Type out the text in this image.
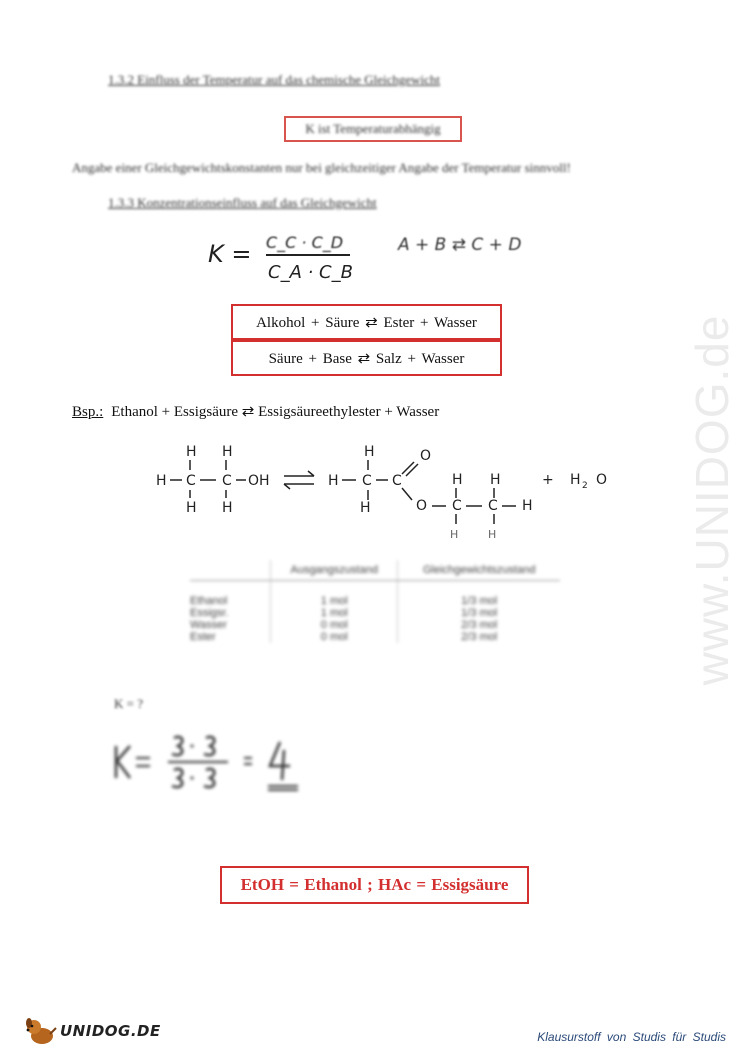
www.UNIDOG.de
1.3.2 Einfluss der Temperatur auf das chemische Gleichgewicht
K ist Temperaturabhängig
Angabe einer Gleichgewichtskonstanten nur bei gleichzeitiger Angabe der Temperatur sinnvoll!
1.3.3 Konzentrationseinfluss auf das Gleichgewicht
K = C_C · C_D
C_A · C_B
A + B ⇄ C + D
Alkohol + Säure ⇄ Ester + Wasser
Säure + Base ⇄ Salz + Wasser
Bsp.: Ethanol + Essigsäure ⇄ Essigsäureethylester + Wasser
H H
H C C OH
H H
H
H C C
H
O
O
H
C
H
C H
H	H
+ H 2 O
	Ausgangszustand	Gleichgewichtszustand

Ethanol	1 mol	1/3 mol
Essigsr.	1 mol	1/3 mol
Wasser	0 mol	2/3 mol
Ester	0 mol	2/3 mol
K = ?
EtOH = Ethanol ; HAc = Essigsäure
UNIDOG.DE	Klausurstoff von Studis für Studis
